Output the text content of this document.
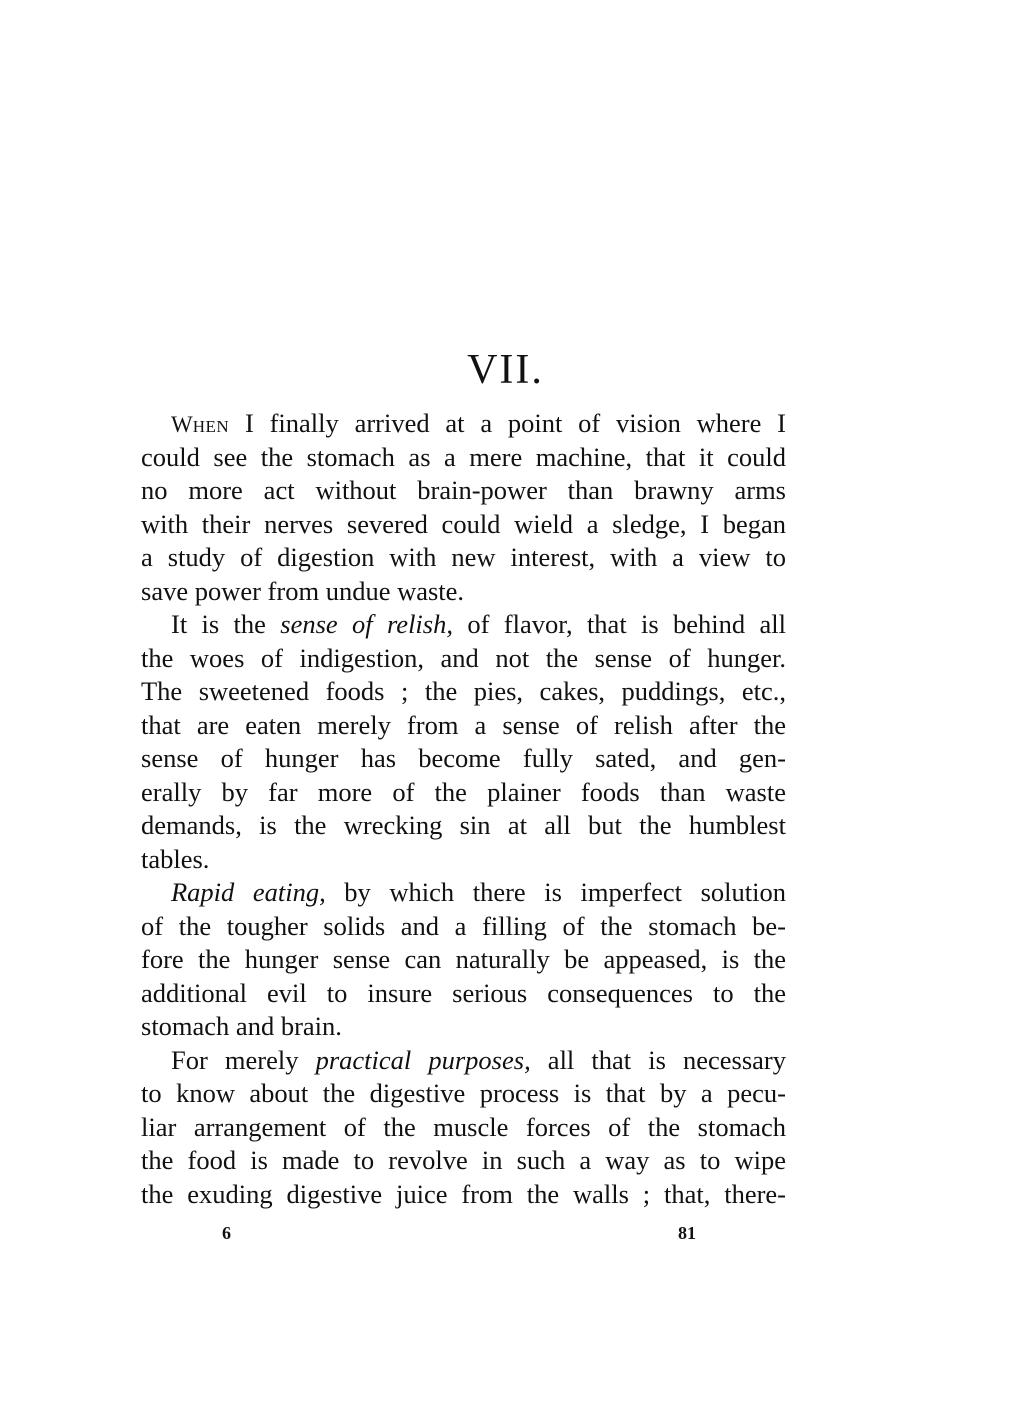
VII.
WHEN I finally arrived at a point of vision where I
could see the stomach as a mere machine, that it could
no more act without brain-power than brawny arms
with their nerves severed could wield a sledge, I began
a study of digestion with new interest, with a view to
save power from undue waste.
It is the sense of relish, of flavor, that is behind all
the woes of indigestion, and not the sense of hunger.
The sweetened foods ; the pies, cakes, puddings, etc.,
that are eaten merely from a sense of relish after the
sense of hunger has become fully sated, and gen-
erally by far more of the plainer foods than waste
demands, is the wrecking sin at all but the humblest
tables.
Rapid eating, by which there is imperfect solution
of the tougher solids and a filling of the stomach be-
fore the hunger sense can naturally be appeased, is the
additional evil to insure serious consequences to the
stomach and brain.
For merely practical purposes, all that is necessary
to know about the digestive process is that by a pecu-
liar arrangement of the muscle forces of the stomach
the food is made to revolve in such a way as to wipe
the exuding digestive juice from the walls ; that, there-
6	81
